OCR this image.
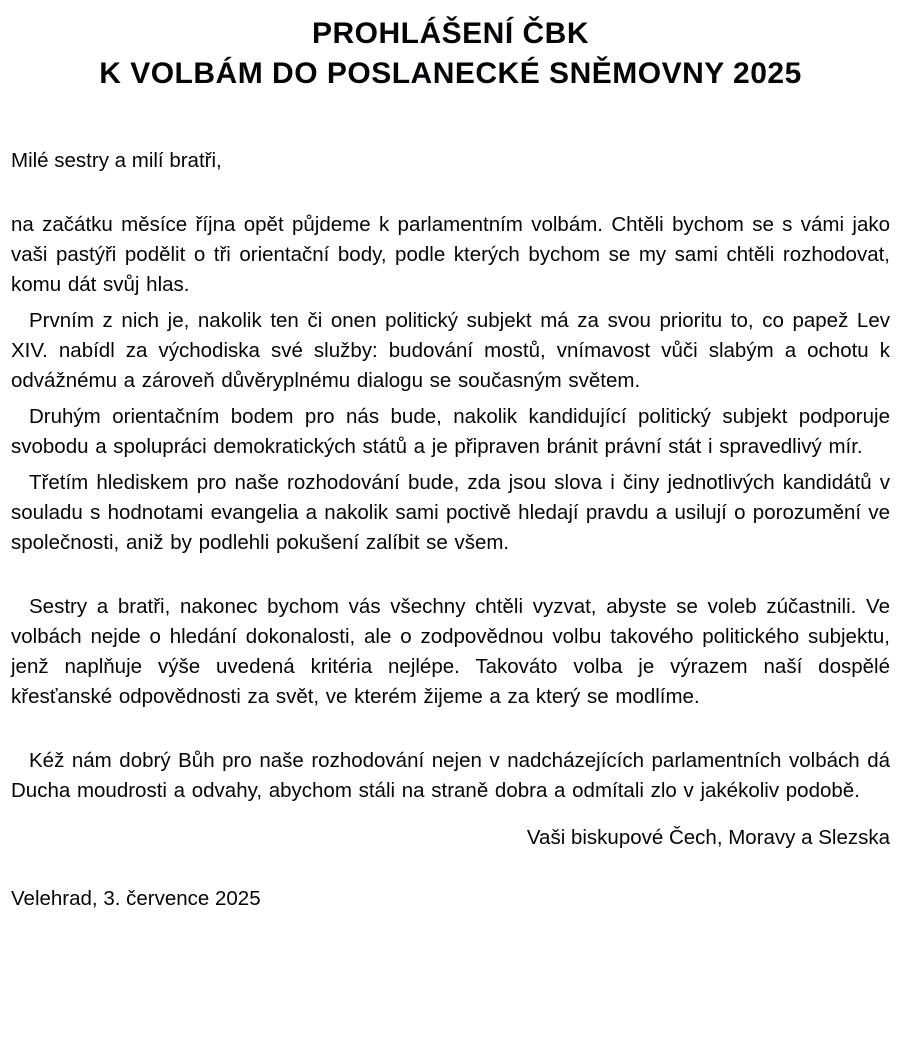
PROHLÁŠENÍ ČBK
K VOLBÁM DO POSLANECKÉ SNĚMOVNY 2025

Milé sestry a milí bratři,

na začátku měsíce října opět půjdeme k parlamentním volbám. Chtěli bychom se s vámi jako vaši pastýři podělit o tři orientační body, podle kterých bychom se my sami chtěli rozhodovat, komu dát svůj hlas.

Prvním z nich je, nakolik ten či onen politický subjekt má za svou prioritu to, co papež Lev XIV. nabídl za východiska své služby: budování mostů, vnímavost vůči slabým a ochotu k odvážnému a zároveň důvěryplnému dialogu se současným světem.

Druhým orientačním bodem pro nás bude, nakolik kandidující politický subjekt podporuje svobodu a spolupráci demokratických států a je připraven bránit právní stát i spravedlivý mír.

Třetím hlediskem pro naše rozhodování bude, zda jsou slova i činy jednotlivých kandidátů v souladu s hodnotami evangelia a nakolik sami poctivě hledají pravdu a usilují o porozumění ve společnosti, aniž by podlehli pokušení zalíbit se všem.

Sestry a bratři, nakonec bychom vás všechny chtěli vyzvat, abyste se voleb zúčastnili. Ve volbách nejde o hledání dokonalosti, ale o zodpovědnou volbu takového politického subjektu, jenž naplňuje výše uvedená kritéria nejlépe. Takováto volba je výrazem naší dospělé křesťanské odpovědnosti za svět, ve kterém žijeme a za který se modlíme.

Kéž nám dobrý Bůh pro naše rozhodování nejen v nadcházejících parlamentních volbách dá Ducha moudrosti a odvahy, abychom stáli na straně dobra a odmítali zlo v jakékoliv podobě.

Vaši biskupové Čech, Moravy a Slezska

Velehrad, 3. července 2025
